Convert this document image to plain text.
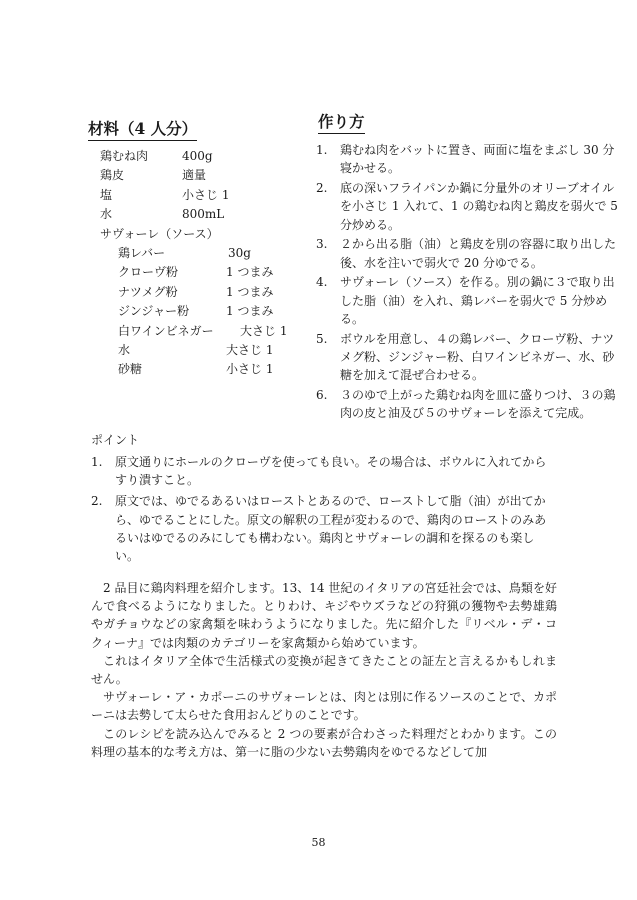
材料（4 人分）
鶏むね肉	400g
鶏皮	適量
塩	小さじ 1
水	800mL
サヴォーレ（ソース）
鶏レバー	30g
クローヴ粉	1 つまみ
ナツメグ粉	1 つまみ
ジンジャー粉	1 つまみ
白ワインビネガー 大さじ 1
水	大さじ 1
砂糖	小さじ 1
作り方
1. 鶏むね肉をバットに置き、両面に塩をまぶし 30 分寝かせる。
2. 底の深いフライパンか鍋に分量外のオリーブオイルを小さじ 1 入れて、1 の鶏むね肉と鶏皮を弱火で 5 分炒める。
3. ２から出る脂（油）と鶏皮を別の容器に取り出した後、水を注いで弱火で 20 分ゆでる。
4. サヴォーレ（ソース）を作る。別の鍋に３で取り出した脂（油）を入れ、鶏レバーを弱火で 5 分炒める。
5. ボウルを用意し、４の鶏レバー、クローヴ粉、ナツメグ粉、ジンジャー粉、白ワインビネガー、水、砂糖を加えて混ぜ合わせる。
6. ３のゆで上がった鶏むね肉を皿に盛りつけ、３の鶏肉の皮と油及び５のサヴォーレを添えて完成。
ポイント
1. 原文通りにホールのクローヴを使っても良い。その場合は、ボウルに入れてからすり潰すこと。
2. 原文では、ゆでるあるいはローストとあるので、ローストして脂（油）が出てから、ゆでることにした。原文の解釈の工程が変わるので、鶏肉のローストのみあるいはゆでるのみにしても構わない。鶏肉とサヴォーレの調和を探るのも楽しい。

2 品目に鶏肉料理を紹介します。13、14 世紀のイタリアの宮廷社会では、鳥類を好んで食べるようになりました。とりわけ、キジやウズラなどの狩猟の獲物や去勢雄鶏やガチョウなどの家禽類を味わうようになりました。先に紹介した『リベル・デ・コクィーナ』では肉類のカテゴリーを家禽類から始めています。

これはイタリア全体で生活様式の変換が起きてきたことの証左と言えるかもしれません。

サヴォーレ・ア・カポーニのサヴォーレとは、肉とは別に作るソースのことで、カポーニは去勢して太らせた食用おんどりのことです。

このレシピを読み込んでみると 2 つの要素が合わさった料理だとわかります。この料理の基本的な考え方は、第一に脂の少ない去勢鶏肉をゆでるなどして加

58
